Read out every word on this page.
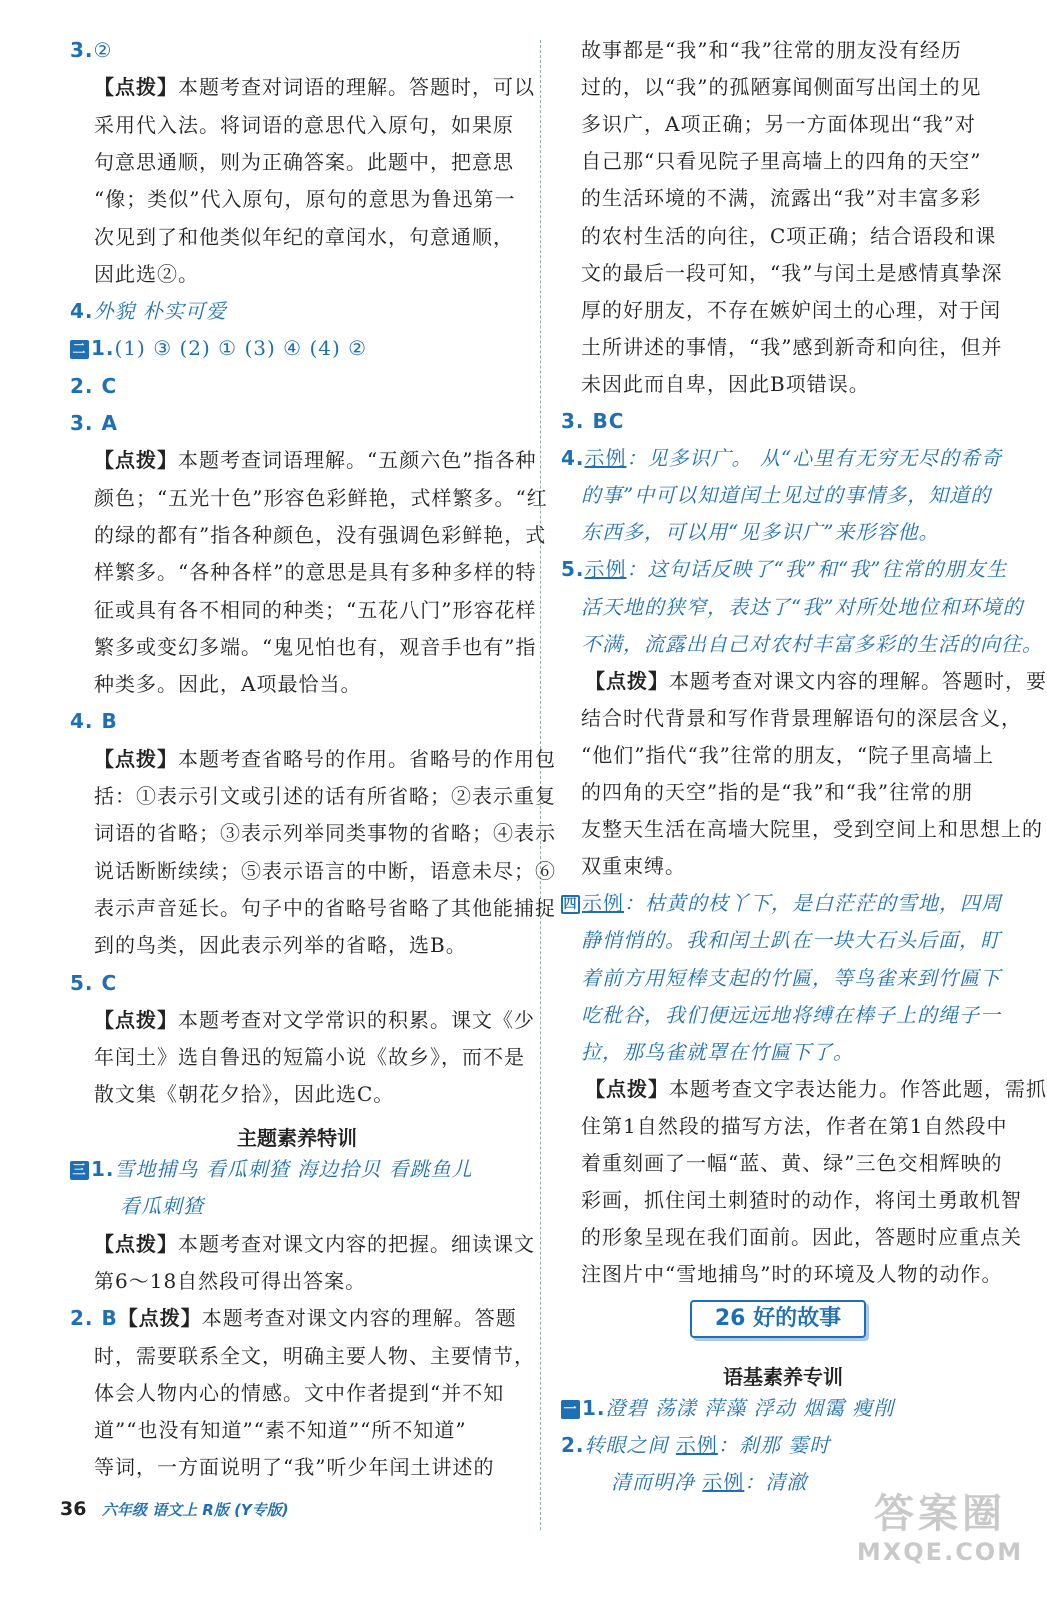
3.②
【点拨】本题考查对词语的理解。答题时，可以
采用代入法。将词语的意思代入原句，如果原
句意思通顺，则为正确答案。此题中，把意思
“像；类似”代入原句，原句的意思为鲁迅第一
次见到了和他类似年纪的章闰水，句意通顺，
因此选②。
4.外貌 朴实可爱
二 1.(1) ③ (2) ① (3) ④ (4) ②
2. C
3. A
【点拨】本题考查词语理解。“五颜六色”指各种
颜色；“五光十色”形容色彩鲜艳，式样繁多。“红
的绿的都有”指各种颜色，没有强调色彩鲜艳，式
样繁多。“各种各样”的意思是具有多种多样的特
征或具有各不相同的种类；“五花八门”形容花样
繁多或变幻多端。“鬼见怕也有，观音手也有”指
种类多。因此，A项最恰当。
4. B
【点拨】本题考查省略号的作用。省略号的作用包
括：①表示引文或引述的话有所省略；②表示重复
词语的省略；③表示列举同类事物的省略；④表示
说话断断续续；⑤表示语言的中断，语意未尽；⑥
表示声音延长。句子中的省略号省略了其他能捕捉
到的鸟类，因此表示列举的省略，选B。
5. C
【点拨】本题考查对文学常识的积累。课文《少
年闰土》选自鲁迅的短篇小说《故乡》，而不是
散文集《朝花夕拾》，因此选C。
主题素养特训
三 1.雪地捕鸟 看瓜刺猹 海边拾贝 看跳鱼儿
看瓜刺猹
【点拨】本题考查对课文内容的把握。细读课文
第6～18自然段可得出答案。
2. B【点拨】本题考查对课文内容的理解。答题
时，需要联系全文，明确主要人物、主要情节，
体会人物内心的情感。文中作者提到“并不知
道”“也没有知道”“素不知道”“所不知道”
等词，一方面说明了“我”听少年闰土讲述的
故事都是“我”和“我”往常的朋友没有经历
过的，以“我”的孤陋寡闻侧面写出闰土的见
多识广，A项正确；另一方面体现出“我”对
自己那“只看见院子里高墙上的四角的天空”
的生活环境的不满，流露出“我”对丰富多彩
的农村生活的向往，C项正确；结合语段和课
文的最后一段可知，“我”与闰土是感情真挚深
厚的好朋友，不存在嫉妒闰土的心理，对于闰
土所讲述的事情，“我”感到新奇和向往，但并
未因此而自卑，因此B项错误。
3. BC
4.示例：见多识广。 从“心里有无穷无尽的希奇
的事”中可以知道闰土见过的事情多，知道的
东西多，可以用“见多识广”来形容他。
5.示例：这句话反映了“我”和“我”往常的朋友生
活天地的狭窄，表达了“我”对所处地位和环境的
不满，流露出自己对农村丰富多彩的生活的向往。
【点拨】本题考查对课文内容的理解。答题时，要
结合时代背景和写作背景理解语句的深层含义，
“他们”指代“我”往常的朋友，“院子里高墙上
的四角的天空”指的是“我”和“我”往常的朋
友整天生活在高墙大院里，受到空间上和思想上的
双重束缚。
四 示例：枯黄的枝丫下，是白茫茫的雪地，四周
静悄悄的。我和闰土趴在一块大石头后面，盯
着前方用短棒支起的竹匾，等鸟雀来到竹匾下
吃秕谷，我们便远远地将缚在棒子上的绳子一
拉，那鸟雀就罩在竹匾下了。
【点拨】本题考查文字表达能力。作答此题，需抓
住第1自然段的描写方法，作者在第1自然段中
着重刻画了一幅“蓝、黄、绿”三色交相辉映的
彩画，抓住闰土刺猹时的动作，将闰土勇敢机智
的形象呈现在我们面前。因此，答题时应重点关
注图片中“雪地捕鸟”时的环境及人物的动作。
语基素养专训
一 1.澄碧 荡漾 萍藻 浮动 烟霭 瘦削
2.转眼之间 示例：刹那 霎时
清而明净 示例：清澈
36 六年级 语文上 R版 (Y专版)	答案圈
MXQE.COM
26 好的故事
